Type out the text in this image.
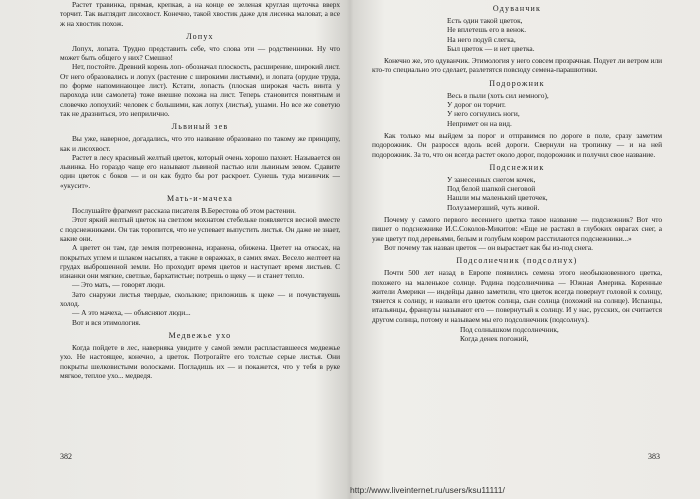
Растет травинка, прямая, крепкая, а на конце ее зеленая круглая щеточка вверх торчит. Так выглядит лисохвост. Конечно, такой хвостик даже для лисенка маловат, а все ж на хвостик похож.

Лопух

Лопух, лопата. Трудно представить себе, что слова эти — родственники. Ну что может быть общего у них? Смешно!

Нет, постойте. Древний корень лоп- обозначал плоскость, расширение, широкий лист. От него образовались и лопух (растение с широкими листьями), и лопата (орудие труда, по форме напоминающее лист). Кстати, лопасть (плоская широкая часть винта у парохода или самолета) тоже внешне похожа на лист. Теперь становится понятным и словечко лопоухий: человек с большими, как лопух (листья), ушами. Но все же советую так не дразниться, это неприлично.

Львиный зев

Вы уже, наверное, догадались, что это название образовано по такому же принципу, как и лисохвост.

Растет в лесу красивый желтый цветок, который очень хорошо пахнет. Называется он львинка. Но гораздо чаще его называют львиной пастью или львиным зевом. Сдавите один цветок с боков — и он как будто бы рот раскроет. Сунешь туда мизинчик — «укусит».

Мать-и-мачеха

Послушайте фрагмент рассказа писателя В.Берестова об этом растении.

Этот яркий желтый цветок на светлом мохнатом стебельке появляется весной вместе с подснежниками. Он так торопится, что не успевает выпустить листья. Он даже не знает, какие они.

А цветет он там, где земля потревожена, изранена, обижена. Цветет на откосах, на покрытых углем и шлаком насыпях, а также в овражках, в самих ямах. Весело желтеет на грудах выброшенной земли. Но проходит время цветов и наступает время листьев. С изнанки они мягкие, светлые, бархатистые; потрешь о щеку — и станет тепло.

— Это мать, — говорят люди.

Зато снаружи листья твердые, скользкие; приложишь к щеке — и почувствуешь холод.

— А это мачеха, — объясняют люди...

Вот и вся этимология.

Медвежье ухо

Когда пойдете в лес, наверняка увидите у самой земли распластавшееся медвежье ухо. Не настоящее, конечно, а цветок. Потрогайте его толстые серые листья. Они покрыты шелковистыми волосками. Погладишь их — и покажется, что у тебя в руке мягкое, теплое ухо... медведя.

382
Одуванчик
Есть один такой цветок,
Не вплетешь его в венок.
На него подуй слегка,
Был цветок — и нет цветка.

Конечно же, это одуванчик. Этимология у него совсем прозрачная. Подует ли ветром или кто-то специально это сделает, разлетятся повсюду семена-парашютики.

Подорожник
Весь в пыли (хоть сил немного),
У дорог он торчит.
У него согнулись ноги,
Непримет он на вид.

Как только мы выйдем за порог и отправимся по дороге в поле, сразу заметим подорожник. Он разросся вдоль всей дороги. Свернули на тропинку — и на ней подорожник. За то, что он всегда растет около дорог, подорожник и получил свое название.

Подснежник
У занесенных снегом кочек,
Под белой шапкой снеговой
Нашли мы маленький цветочек,
Полузамерзший, чуть живой.

Почему у самого первого весеннего цветка такое название — подснежник? Вот что пишет о подснежнике И.С.Соколов-Микитов: «Еще не растаял в глубоких оврагах снег, а уже цветут под деревьями, белым и голубым ковром расстилаются подснежники...»

Вот почему так назван цветок — он вырастает как бы из-под снега.

Подсолнечник (подсолнух)

Почти 500 лет назад в Европе появились семена этого необыкновенного цветка, похожего на маленькое солнце. Родина подсолнечника — Южная Америка. Коренные жители Америки — индейцы давно заметили, что цветок всегда повернут головой к солнцу, тянется к солнцу, и назвали его цветок солнца, сын солнца (похожий на солнце). Испанцы, итальянцы, французы называют его — повернутый к солнцу. И у нас, русских, он считается другом солнца, потому и называем мы его подсолнечник (подсолнух).

Под солнышком подсолнечник,
Когда денек погожий,
383
http://www.liveinternet.ru/users/ksu11111/
